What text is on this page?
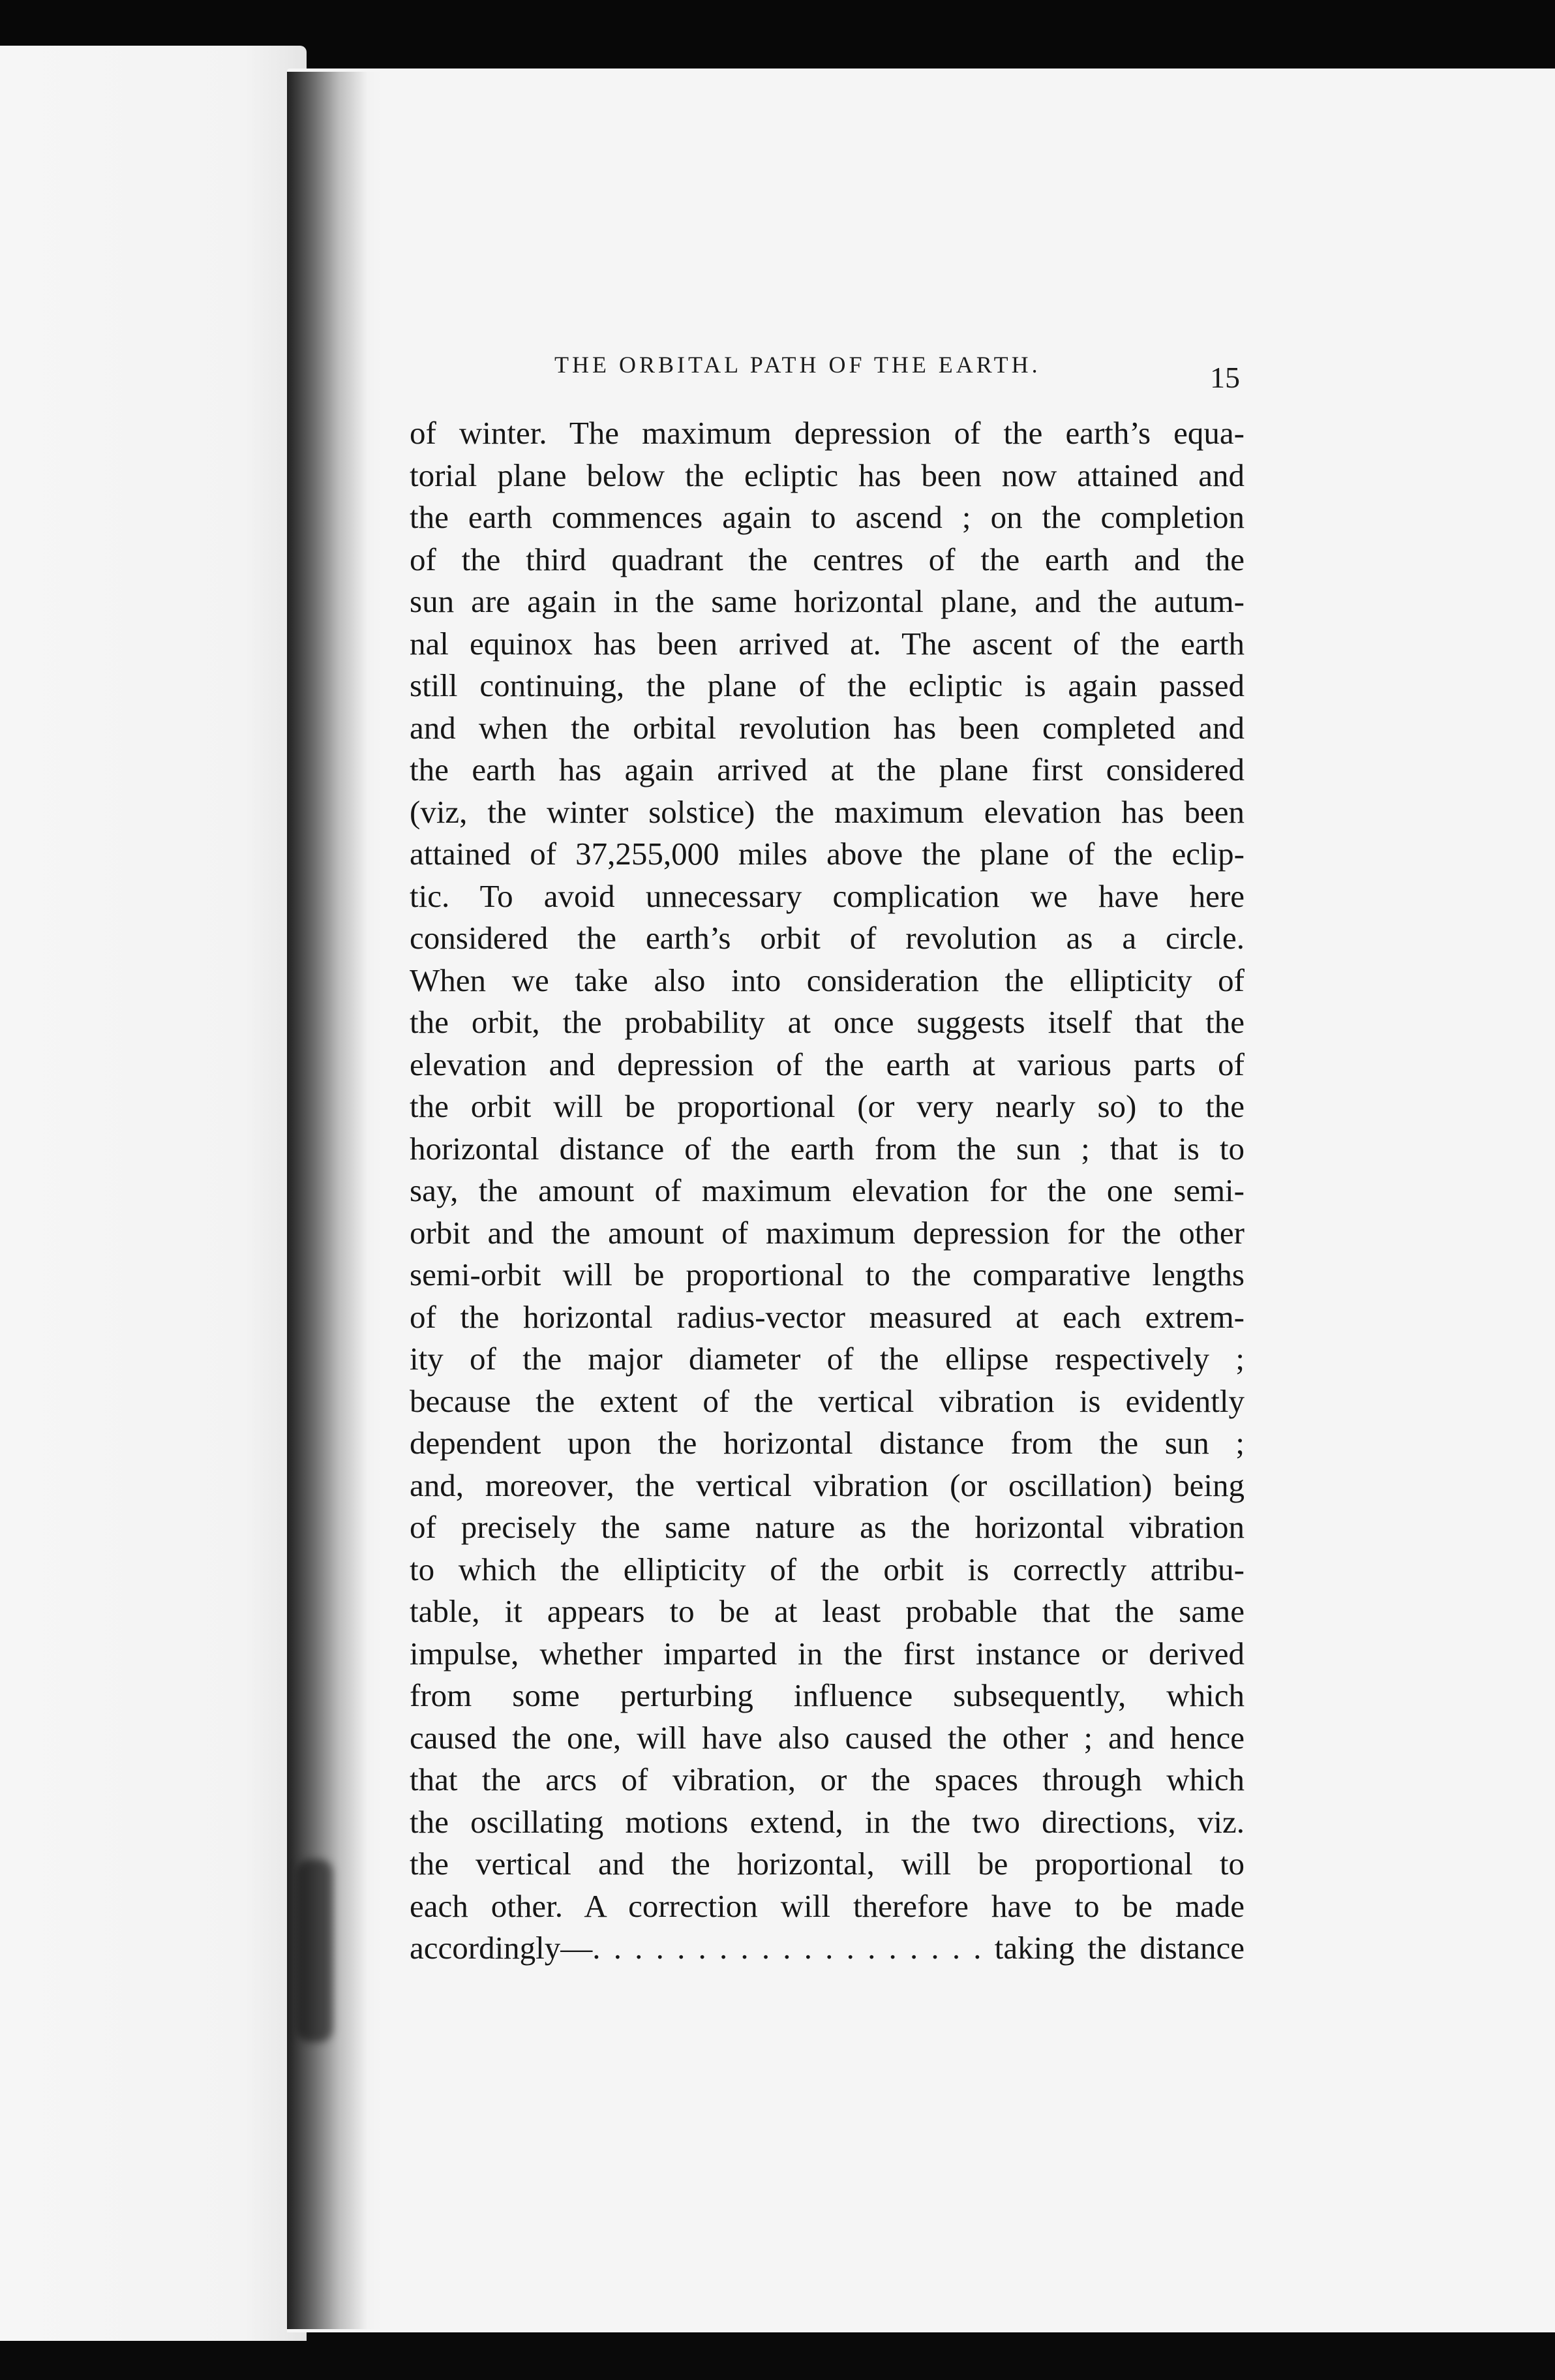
THE ORBITAL PATH OF THE EARTH.	15
of winter. The maximum depression of the earth’s equa-
torial plane below the ecliptic has been now attained and
the earth commences again to ascend ; on the completion
of the third quadrant the centres of the earth and the
sun are again in the same horizontal plane, and the autum-
nal equinox has been arrived at. The ascent of the earth
still continuing, the plane of the ecliptic is again passed
and when the orbital revolution has been completed and
the earth has again arrived at the plane first considered
(viz, the winter solstice) the maximum elevation has been
attained of 37,255,000 miles above the plane of the eclip-
tic. To avoid unnecessary complication we have here
considered the earth’s orbit of revolution as a circle.
When we take also into consideration the ellipticity of
the orbit, the probability at once suggests itself that the
elevation and depression of the earth at various parts of
the orbit will be proportional (or very nearly so) to the
horizontal distance of the earth from the sun ; that is to
say, the amount of maximum elevation for the one semi-
orbit and the amount of maximum depression for the other
semi-orbit will be proportional to the comparative lengths
of the horizontal radius-vector measured at each extrem-
ity of the major diameter of the ellipse respectively ;
because the extent of the vertical vibration is evidently
dependent upon the horizontal distance from the sun ;
and, moreover, the vertical vibration (or oscillation) being
of precisely the same nature as the horizontal vibration
to which the ellipticity of the orbit is correctly attribu-
table, it appears to be at least probable that the same
impulse, whether imparted in the first instance or derived
from some perturbing influence subsequently, which
caused the one, will have also caused the other ; and hence
that the arcs of vibration, or the spaces through which
the oscillating motions extend, in the two directions, viz.
the vertical and the horizontal, will be proportional to
each other. A correction will therefore have to be made
accordingly—. . . . . . . . . . . . . . . . . . . taking the distance
